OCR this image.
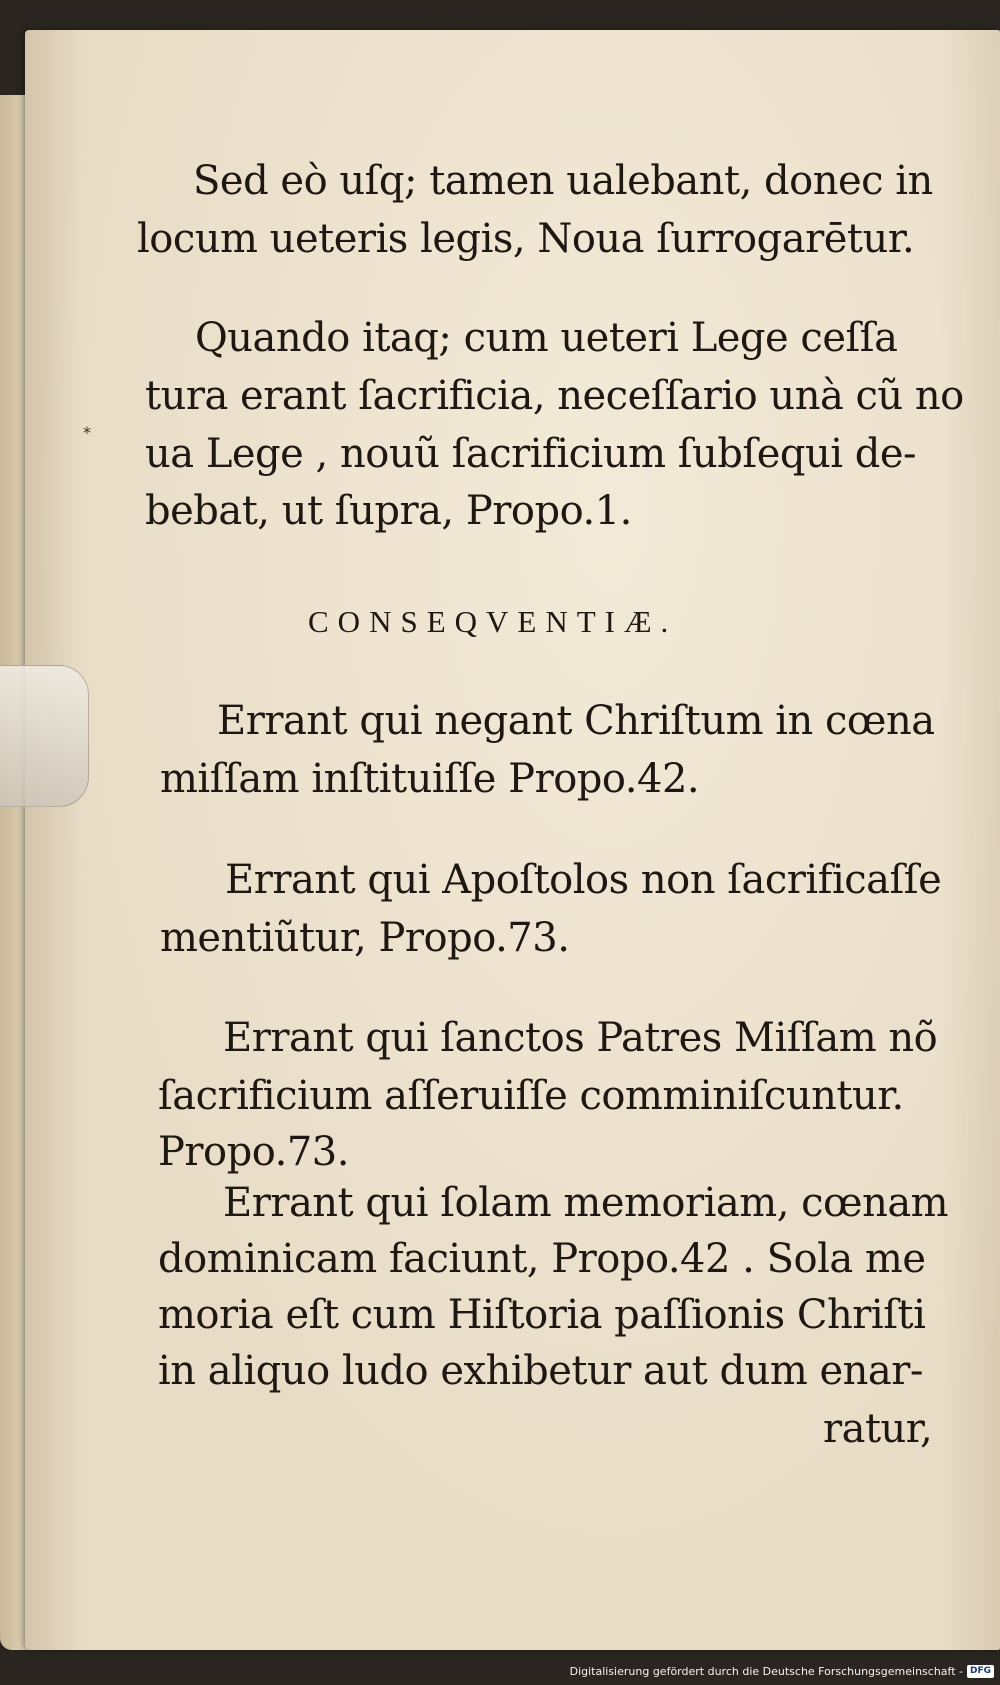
Sed eò uſq; tamen ualebant, donec in
locum ueteris legis, Noua ſurrogarētur.
Quando itaq; cum ueteri Lege ceſſa
tura erant ſacrificia, neceſſario unà cũ no
ua Lege , nouũ ſacrificium ſubſequi de-
bebat, ut ſupra, Propo.1.
CONSEQVENTIÆ.
Errant qui negant Chriſtum in cœna
miſſam inſtituiſſe Propo.42.
Errant qui Apoſtolos non ſacrificaſſe
mentiũtur, Propo.73.
Errant qui ſanctos Patres Miſſam nõ
ſacrificium aſſeruiſſe comminiſcuntur.
Propo.73.
Errant qui ſolam memoriam, cœnam
dominicam faciunt, Propo.42 . Sola me
moria eſt cum Hiſtoria paſſionis Chriſti
in aliquo ludo exhibetur aut dum enar-
ratur,
*
Digitalisierung gefördert durch die Deutsche Forschungsgemeinschaft - DFG
